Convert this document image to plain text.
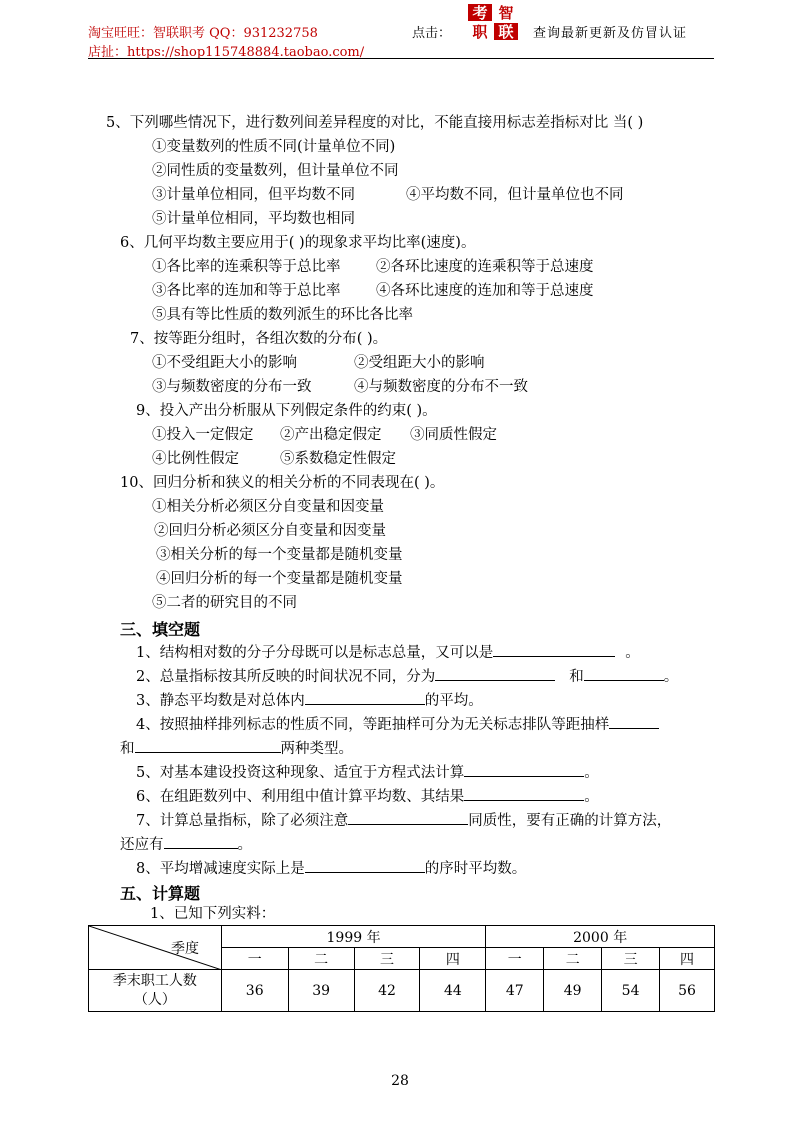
淘宝旺旺：智联职考 QQ：931232758
店扯：https://shop115748884.taobao.com/
点击：
考 智
职 联 查询最新更新及仿冒认证
5、下列哪些情况下，进行数列间差异程度的对比，不能直接用标志差指标对比 当( )
①变量数列的性质不同(计量单位不同)
②同性质的变量数列，但计量单位不同
③计量单位相同，但平均数不同	④平均数不同，但计量单位也不同
⑤计量单位相同，平均数也相同
6、几何平均数主要应用于( )的现象求平均比率(速度)。
①各比率的连乘积等于总比率 ②各环比速度的连乘积等于总速度
③各比率的连加和等于总比率 ④各环比速度的连加和等于总速度
⑤具有等比性质的数列派生的环比各比率
7、按等距分组时，各组次数的分布( )。
①不受组距大小的影响	②受组距大小的影响
③与频数密度的分布一致	④与频数密度的分布不一致
9、投入产出分析服从下列假定条件的约束( )。
①投入一定假定 ②产出稳定假定 ③同质性假定
④比例性假定	⑤系数稳定性假定
10、回归分析和狭义的相关分析的不同表现在( )。
①相关分析必须区分自变量和因变量
②回归分析必须区分自变量和因变量
③相关分析的每一个变量都是随机变量
④回归分析的每一个变量都是随机变量
⑤二者的研究目的不同
三、填空题
1、结构相对数的分子分母既可以是标志总量，又可以是	。
2、总量指标按其所反映的时间状况不同，分为	和	。
3、静态平均数是对总体内	的平均。
4、按照抽样排列标志的性质不同，等距抽样可分为无关标志排队等距抽样
和	两种类型。
5、对基本建设投资这种现象、适宜于方程式法计算	。
6、在组距数列中、利用组中值计算平均数、其结果	。
7、计算总量指标，除了必须注意	同质性，要有正确的计算方法，
还应有	。
8、平均增减速度实际上是	的序时平均数。
五、计算题
1、已知下列实料：
季度	1999 年				2000 年			
	一	二	三	四	一	二	三	四

季末职工人数
（人）	36	39	42	44	47	49	54	56
28
